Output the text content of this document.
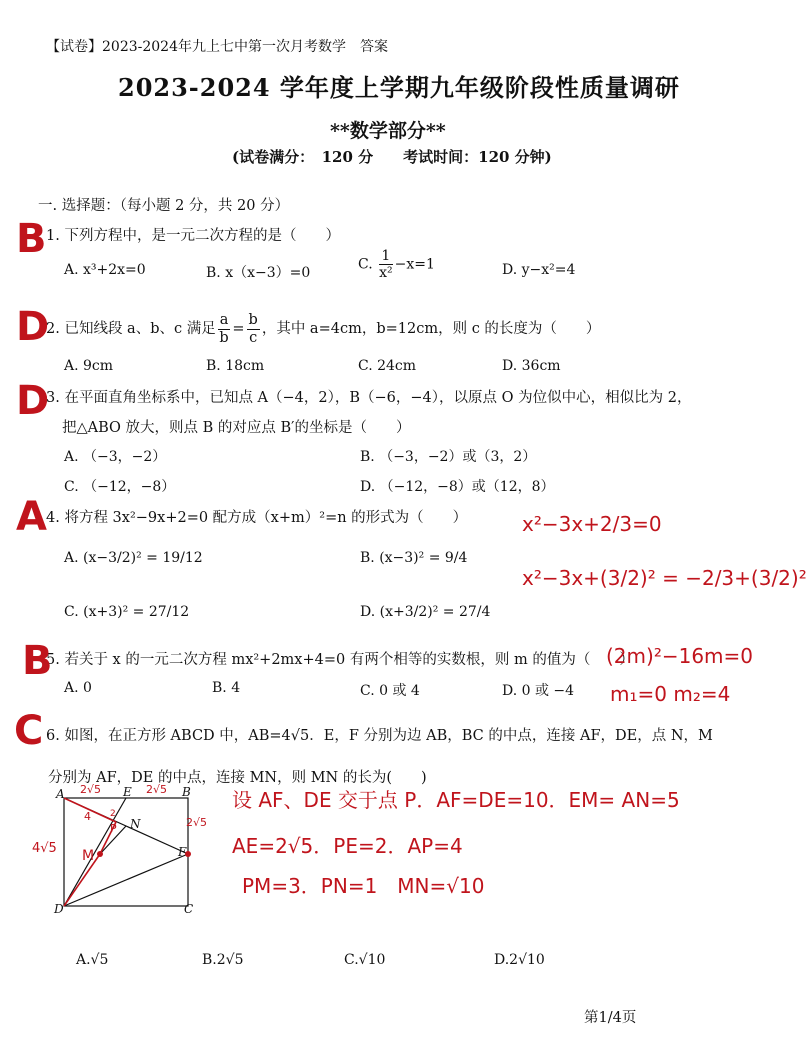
【试卷】2023-2024年九上七中第一次月考数学　答案
2023-2024 学年度上学期九年级阶段性质量调研
**数学部分**
(试卷满分：　120 分　　考试时间：120 分钟)
一. 选择题：（每小题 2 分，共 20 分）
1. 下列方程中，是一元二次方程的是（　　）
A. x³+2x=0	B. x（x−3）=0
C. $\frac{1}{\text{x²}} -x=1$	D. y−x²=4
2. 已知线段 a、b、c 满足 $\frac{a}{b} = \frac{b}{c}$ ，其中 a=4cm，b=12cm，则 c 的长度为（　　）
A. 9cm	B. 18cm	C. 24cm	D. 36cm
3. 在平面直角坐标系中，已知点 A（−4，2），B（−6，−4），以原点 O 为位似中心，相似比为 2，
把△ABO 放大，则点 B 的对应点 B′的坐标是（　　）
A. （−3，−2）	B. （−3，−2）或（3，2）
C. （−12，−8）	D. （−12，−8）或（12，8）
4. 将方程 3x²−9x+2=0 配方成（x+m）²=n 的形式为（　　）
A. (x−3/2)² = 19/12	B. (x−3)² = 9/4
C. (x+3)² = 27/12	D. (x+3/2)² = 27/4
5. 若关于 x 的一元二次方程 mx²+2mx+4=0 有两个相等的实数根，则 m 的值为（　　）
A. 0	B. 4	C. 0 或 4	D. 0 或 −4
6. 如图，在正方形 ABCD 中，AB=4√5．E，F 分别为边 AB，BC 的中点，连接 AF，DE，点 N，M
分别为 AF，DE 的中点，连接 MN，则 MN 的长为(　　)
A	B
C
D
E
F
N
2√5	2√5
2√5
4√5
4 2
P
M
A.√5	B.2√5	C.√10	D.2√10
B
D
D
A
B
C
x²−3x+2/3=0
x²−3x+(3/2)² = −2/3+(3/2)²
(2m)²−16m=0
m₁=0 m₂=4
设 AF、DE 交于点 P．AF=DE=10．EM= AN=5
AE=2√5．PE=2．AP=4
PM=3．PN=1　MN=√10
第1/4页
